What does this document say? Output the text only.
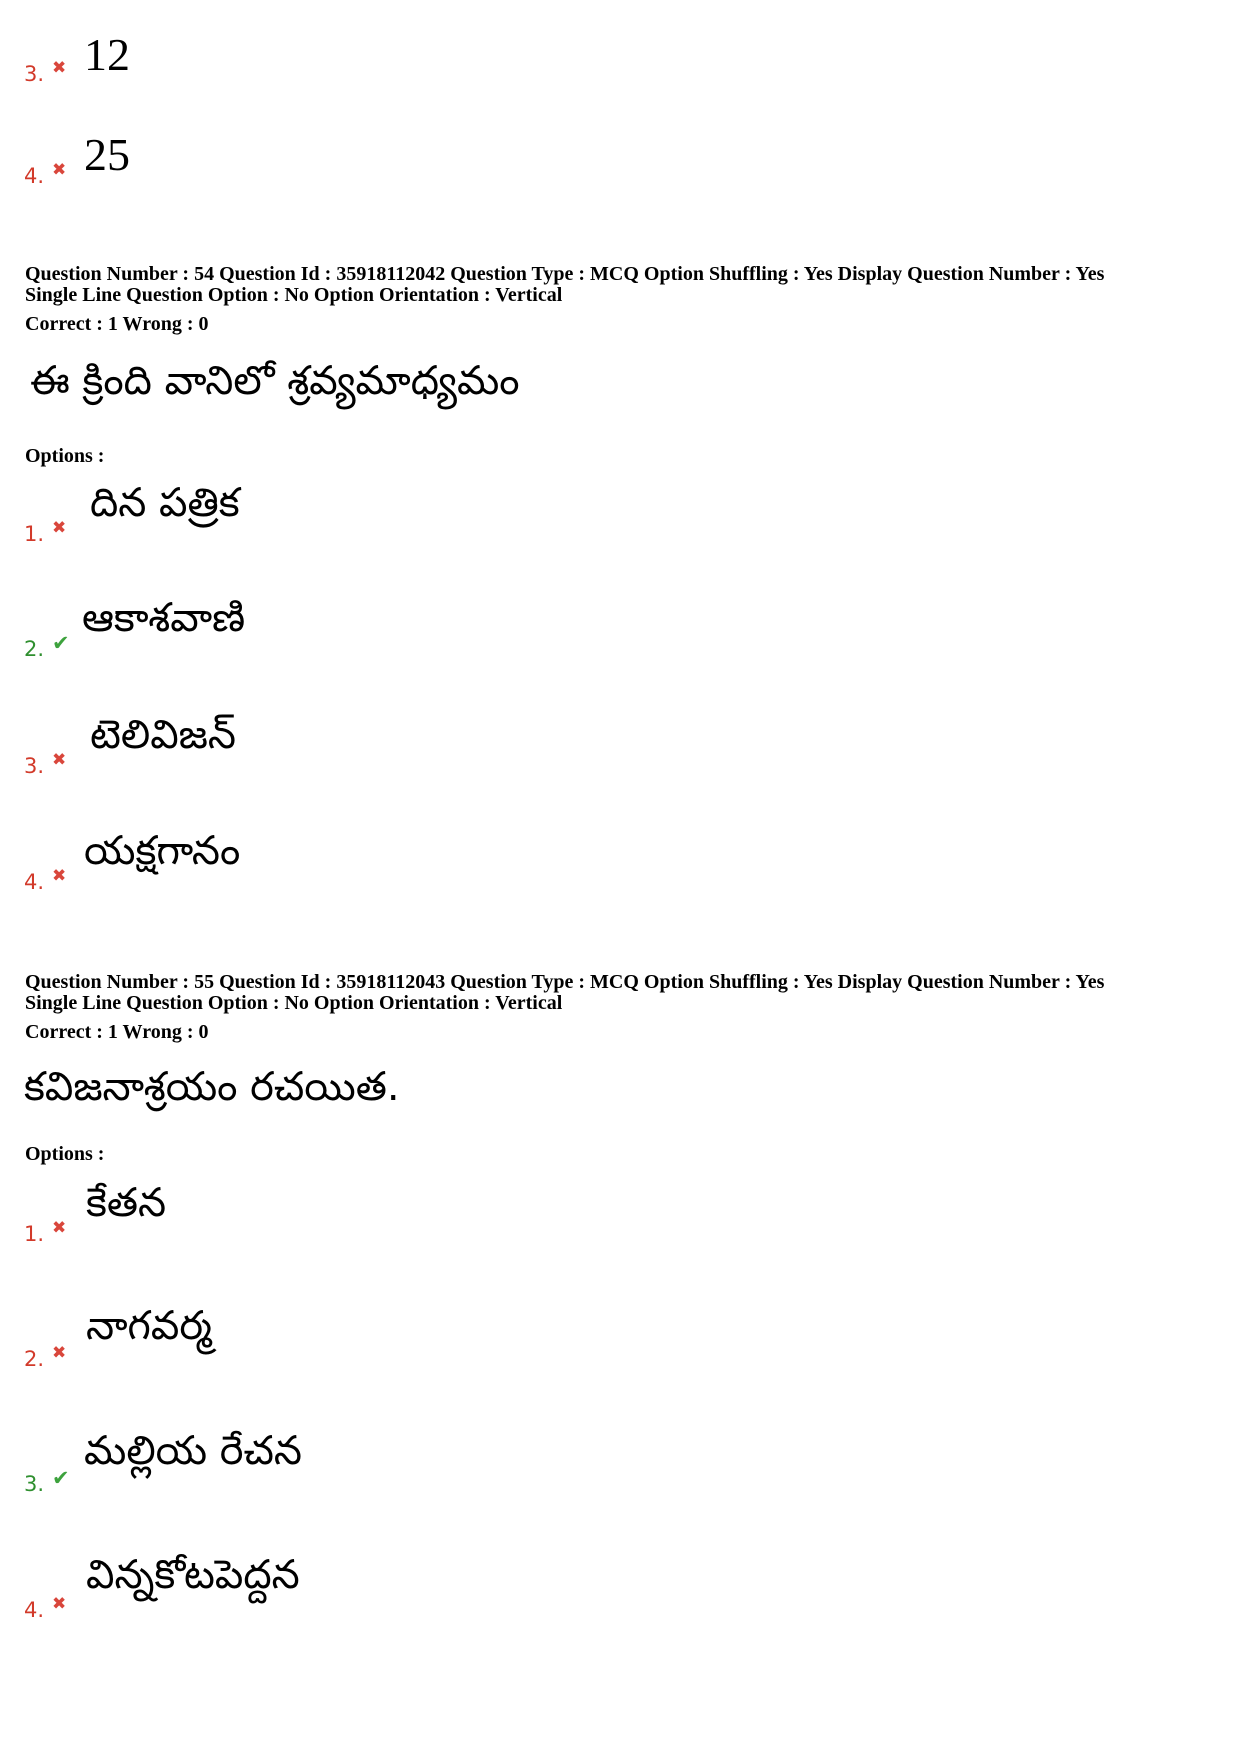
12
3. ✖
25
4. ✖
Question Number : 54 Question Id : 35918112042 Question Type : MCQ Option Shuffling : Yes Display Question Number : Yes
Single Line Question Option : No Option Orientation : Vertical
Correct : 1 Wrong : 0
ఈ క్రింది వానిలో శ్రవ్యమాధ్యమం
Options :
దిన పత్రిక
1. ✖
ఆకాశవాణి
2. ✔
టెలివిజన్
3. ✖
యక్షగానం
4. ✖
Question Number : 55 Question Id : 35918112043 Question Type : MCQ Option Shuffling : Yes Display Question Number : Yes
Single Line Question Option : No Option Orientation : Vertical
Correct : 1 Wrong : 0
కవిజనాశ్రయం రచయిత.
Options :
కేతన
1. ✖
నాగవర్మ
2. ✖
మల్లియ రేచన
3. ✔
విన్నకోటపెద్దన
4. ✖
